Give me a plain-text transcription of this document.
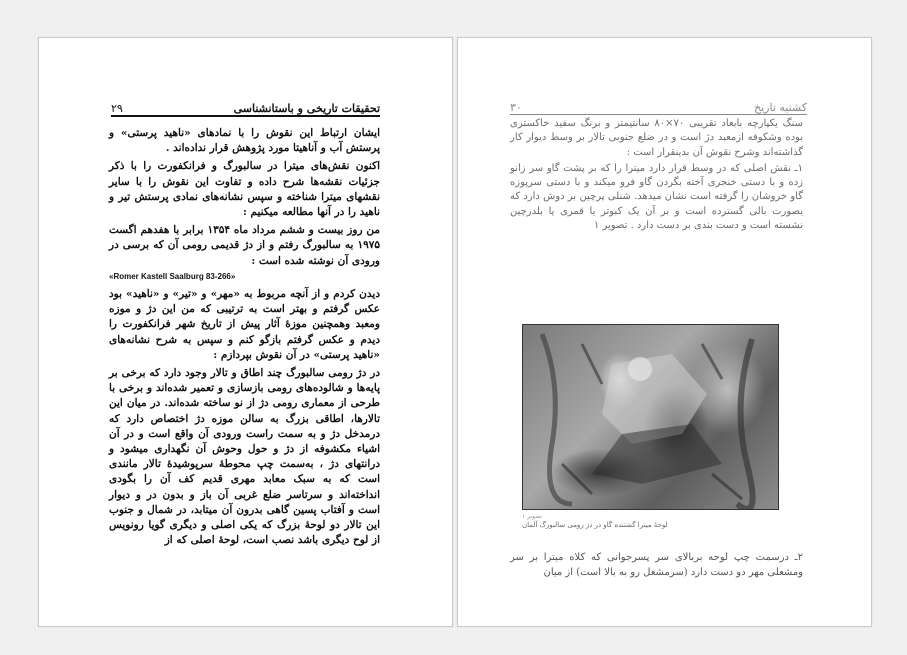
تحقیقات تاریخی و باستانشناسی
۲۹

ایشان ارتباط این نقوش را با نمادهای «ناهید پرستی» و پرستش آب و آناهیتا مورد پژوهش قرار نداده‌اند .

اکنون نقش‌های میترا در سالبورگ و فرانکفورت را با ذکر جزئیات نقشه‌ها شرح داده و تفاوت این نقوش را با سایر نقشهای میترا شناخته و سپس نشانه‌های نمادی پرستش تیر و ناهید را در آنها مطالعه میکنیم :

من روز بیست و ششم مرداد ماه ۱۳۵۴ برابر با هفدهم اگست ۱۹۷۵ به سالبورگ رفتم و از دژ قدیمی رومی آن که برسی در ورودی آن نوشته شده است :

«Romer Kastell Saalburg 83-266»

دیدن کردم و از آنچه مربوط به «مهر» و «تیر» و «ناهید» بود عکس گرفتم و بهتر است به ترتیبی که من این دژ و موزه ومعبد وهمچنین موزهٔ آثار پیش از تاریخ شهر فرانکفورت را دیدم و عکس گرفتم بازگو کنم و سپس به شرح نشانه‌های «ناهید پرستی» در آن نقوش بپردازم :

در دژ رومی سالبورگ چند اطاق و تالار وجود دارد که برخی بر پایه‌ها و شالوده‌های رومی بازسازی و تعمیر شده‌اند و برخی با طرحی از معماری رومی دژ از نو ساخته شده‌اند. در میان این تالارها، اطاقی بزرگ به سالن موزه دژ اختصاص دارد که درمدخل دژ و به سمت راست ورودی آن واقع است و در آن اشیاء مکشوفه از دژ و حول وحوش آن نگهداری میشود و درانتهای دژ ، به‌سمت چپ محوطهٔ سرپوشیدهٔ تالار مانندی است که به سبک معابد مهری قدیم کف آن را بگودی انداخته‌اند و سرتاسر ضلع غربی آن باز و بدون در و دیوار است و آفتاب پسین گاهی بدرون آن میتابد، در شمال و جنوب این تالار دو لوحهٔ بزرگ که یکی اصلی و دیگری گویا رونویس از لوح دیگری باشد نصب است، لوحهٔ اصلی که از

کشتیه تاریخ
۳۰

سنگ یکپارچه بابعاد تقریبی ۷۰×۸۰ سانتیمتر و برنگ سفید خاکستری بوده وشکوفه ازمعبد دژ است و در ضلع جنوبی تالار بر وسط دیوار کار گذاشته‌اند وشرح نقوش آن بدینقرار است :

۱ـ نقش اصلی که در وسط قرار دارد میترا را که بر پشت گاو سر زانو زده و با دستی خنجری آخته بگردن گاو فرو میکند و با دستی سرپوزه گاو خروشان را گرفته است نشان میدهد. شنلی پرچین بر دوش دارد که بصورت بالی گسترده است و بر آن یک کبوتر یا قمری یا بلدرچین نشسته است و دست بندی بر دست دارد . تصویر ۱

تصویر ۱
لوحهٔ میترا گشتنده گاو در دژ رومی سالبورگ آلمان

۲ـ درسمت چپ لوحه بربالای سر پسرجوانی که کلاه میترا بر سر ومشعلی مهر دو دست دارد (سرمشعل رو به بالا است) از میان
